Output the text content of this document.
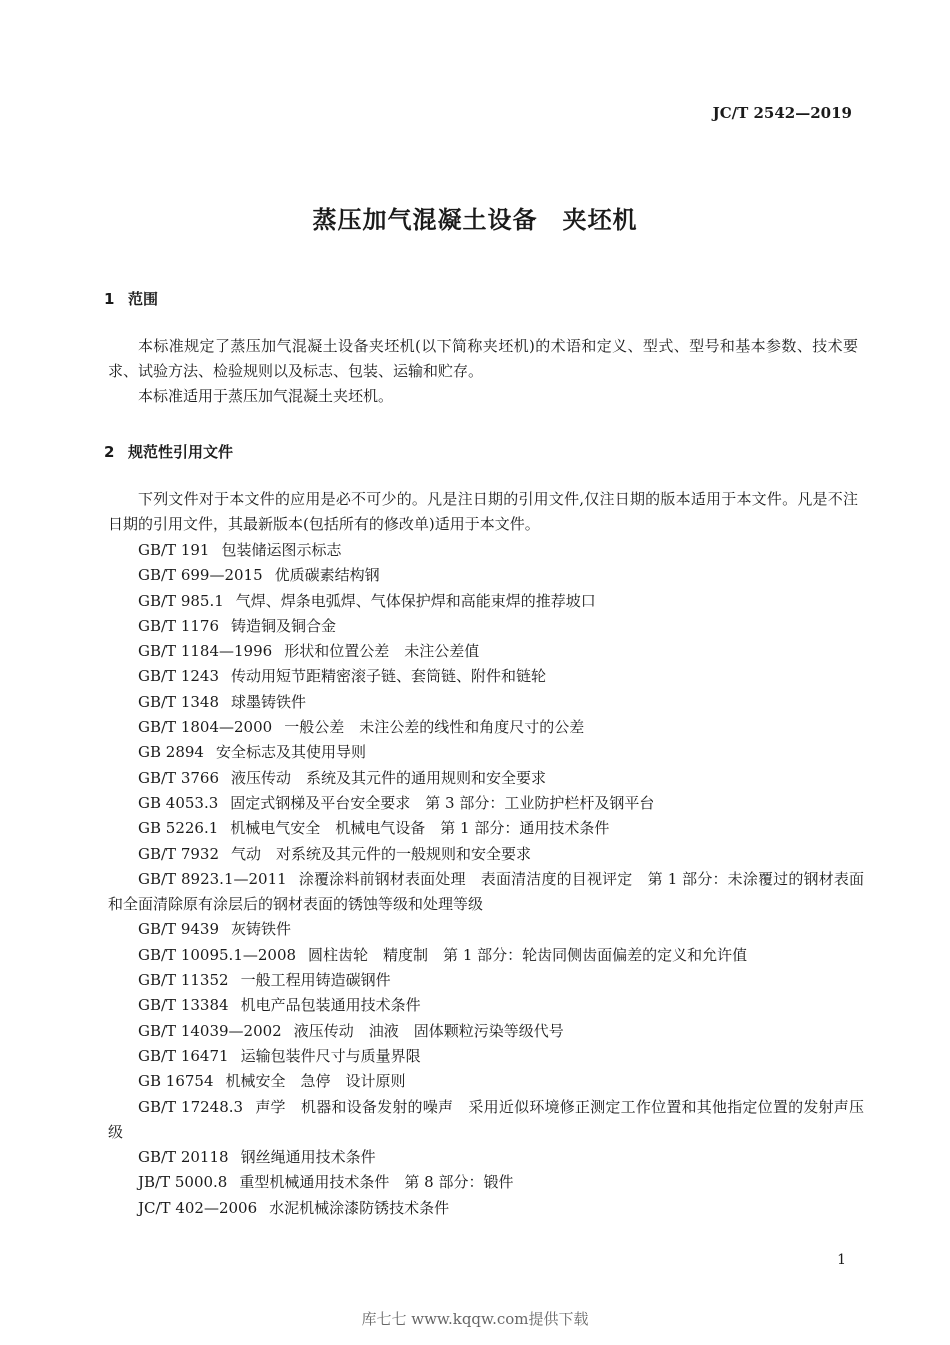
JC/T 2542—2019
蒸压加气混凝土设备　夹坯机
1 范围
本标准规定了蒸压加气混凝土设备夹坯机(以下简称夹坯机)的术语和定义、型式、型号和基本参数、技术要求、试验方法、检验规则以及标志、包装、运输和贮存。
本标准适用于蒸压加气混凝土夹坯机。
2 规范性引用文件
下列文件对于本文件的应用是必不可少的。凡是注日期的引用文件,仅注日期的版本适用于本文件。凡是不注日期的引用文件，其最新版本(包括所有的修改单)适用于本文件。
GB/T 191 包装储运图示标志
GB/T 699—2015 优质碳素结构钢
GB/T 985.1 气焊、焊条电弧焊、气体保护焊和高能束焊的推荐坡口
GB/T 1176 铸造铜及铜合金
GB/T 1184—1996 形状和位置公差　未注公差值
GB/T 1243 传动用短节距精密滚子链、套筒链、附件和链轮
GB/T 1348 球墨铸铁件
GB/T 1804—2000 一般公差　未注公差的线性和角度尺寸的公差
GB 2894 安全标志及其使用导则
GB/T 3766 液压传动　系统及其元件的通用规则和安全要求
GB 4053.3 固定式钢梯及平台安全要求　第 3 部分：工业防护栏杆及钢平台
GB 5226.1 机械电气安全　机械电气设备　第 1 部分：通用技术条件
GB/T 7932 气动　对系统及其元件的一般规则和安全要求
GB/T 8923.1—2011 涂覆涂料前钢材表面处理　表面清洁度的目视评定　第 1 部分：未涂覆过的钢材表面和全面清除原有涂层后的钢材表面的锈蚀等级和处理等级
GB/T 9439 灰铸铁件
GB/T 10095.1—2008 圆柱齿轮　精度制　第 1 部分：轮齿同侧齿面偏差的定义和允许值
GB/T 11352 一般工程用铸造碳钢件
GB/T 13384 机电产品包装通用技术条件
GB/T 14039—2002 液压传动　油液　固体颗粒污染等级代号
GB/T 16471 运输包装件尺寸与质量界限
GB 16754 机械安全　急停　设计原则
GB/T 17248.3 声学　机器和设备发射的噪声　采用近似环境修正测定工作位置和其他指定位置的发射声压级
GB/T 20118 钢丝绳通用技术条件
JB/T 5000.8 重型机械通用技术条件　第 8 部分：锻件
JC/T 402—2006 水泥机械涂漆防锈技术条件
1
库七七 www.kqqw.com提供下载
